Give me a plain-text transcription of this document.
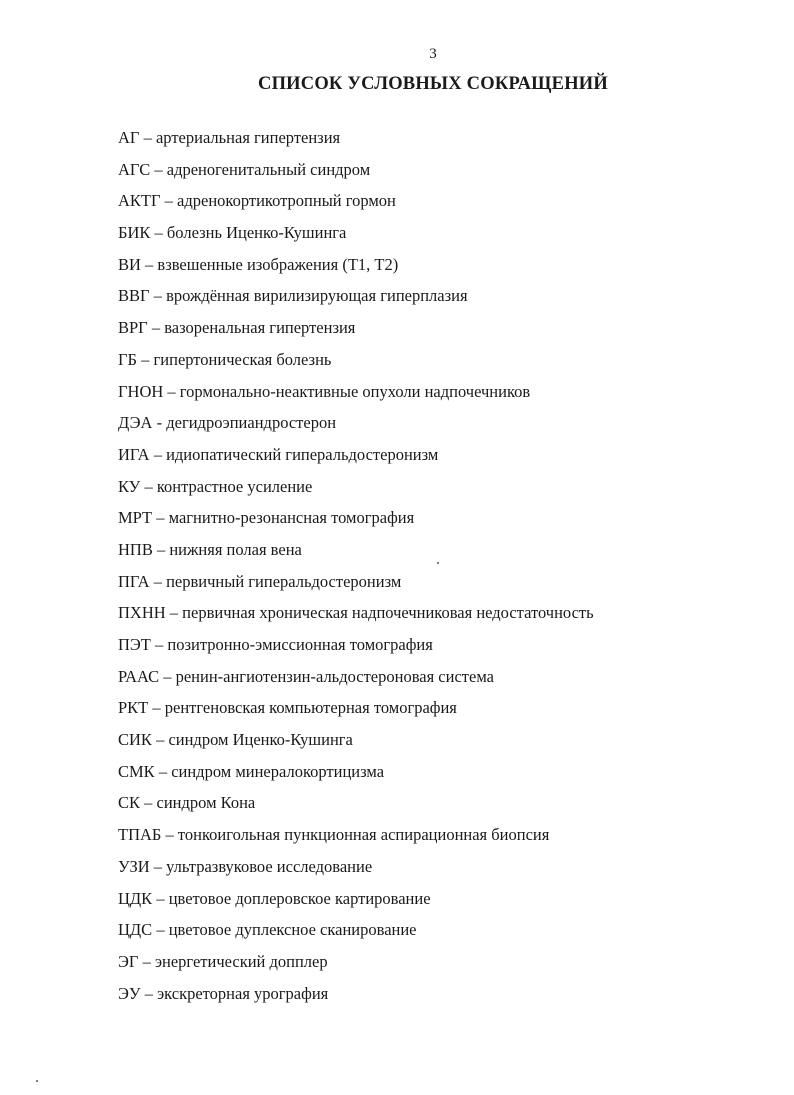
3
СПИСОК УСЛОВНЫХ СОКРАЩЕНИЙ
АГ – артериальная гипертензия
АГС – адреногенитальный синдром
АКТГ – адренокортикотропный гормон
БИК – болезнь Иценко-Кушинга
ВИ – взвешенные изображения (Т1, Т2)
ВВГ – врождённая вирилизирующая гиперплазия
ВРГ – вазоренальная гипертензия
ГБ – гипертоническая болезнь
ГНОН – гормонально-неактивные опухоли надпочечников
ДЭА - дегидроэпиандростерон
ИГА – идиопатический гиперальдостеронизм
КУ – контрастное усиление
МРТ – магнитно-резонансная томография
НПВ – нижняя полая вена
ПГА – первичный гиперальдостеронизм
ПХНН – первичная хроническая надпочечниковая недостаточность
ПЭТ – позитронно-эмиссионная томография
РААС – ренин-ангиотензин-альдостероновая система
РКТ – рентгеновская компьютерная томография
СИК – синдром Иценко-Кушинга
СМК – синдром минералокортицизма
СК – синдром Кона
ТПАБ – тонкоигольная пункционная аспирационная биопсия
УЗИ – ультразвуковое исследование
ЦДК – цветовое доплеровское картирование
ЦДС – цветовое дуплексное сканирование
ЭГ – энергетический допплер
ЭУ – экскреторная урография
